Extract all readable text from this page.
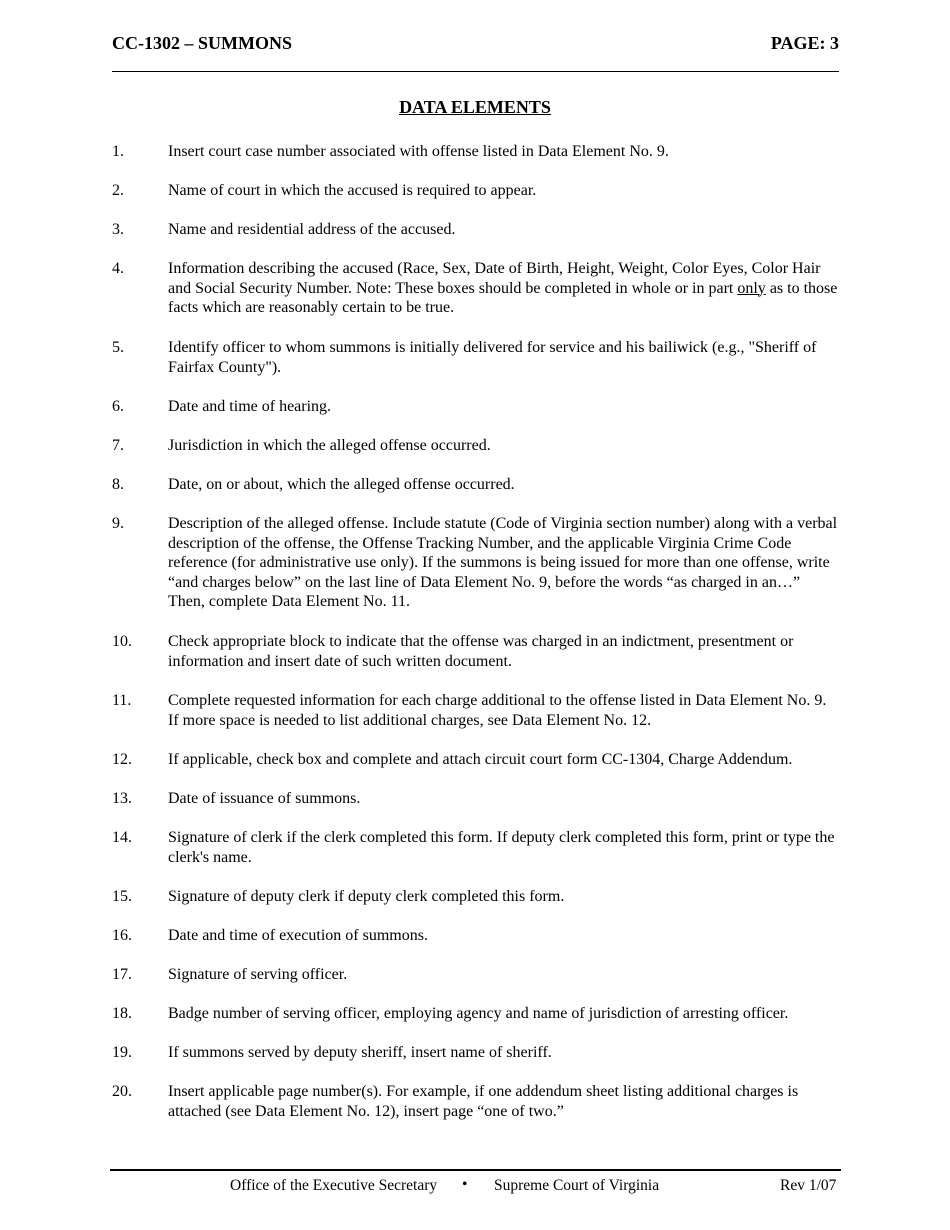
CC-1302 – SUMMONS	PAGE: 3
DATA ELEMENTS
1.	Insert court case number associated with offense listed in Data Element No. 9.
2.	Name of court in which the accused is required to appear.
3.	Name and residential address of the accused.
4.	Information describing the accused (Race, Sex, Date of Birth, Height, Weight, Color Eyes, Color Hair and Social Security Number. Note: These boxes should be completed in whole or in part only as to those facts which are reasonably certain to be true.
5.	Identify officer to whom summons is initially delivered for service and his bailiwick (e.g., "Sheriff of Fairfax County").
6.	Date and time of hearing.
7.	Jurisdiction in which the alleged offense occurred.
8.	Date, on or about, which the alleged offense occurred.
9.	Description of the alleged offense. Include statute (Code of Virginia section number) along with a verbal description of the offense, the Offense Tracking Number, and the applicable Virginia Crime Code reference (for administrative use only). If the summons is being issued for more than one offense, write “and charges below” on the last line of Data Element No. 9, before the words “as charged in an…” Then, complete Data Element No. 11.
10. Check appropriate block to indicate that the offense was charged in an indictment, presentment or information and insert date of such written document.
11. Complete requested information for each charge additional to the offense listed in Data Element No. 9. If more space is needed to list additional charges, see Data Element No. 12.
12. If applicable, check box and complete and attach circuit court form CC-1304, Charge Addendum.
13. Date of issuance of summons.
14. Signature of clerk if the clerk completed this form. If deputy clerk completed this form, print or type the clerk's name.
15. Signature of deputy clerk if deputy clerk completed this form.
16. Date and time of execution of summons.
17. Signature of serving officer.
18. Badge number of serving officer, employing agency and name of jurisdiction of arresting officer.
19. If summons served by deputy sheriff, insert name of sheriff.
20. Insert applicable page number(s). For example, if one addendum sheet listing additional charges is attached (see Data Element No. 12), insert page “one of two.”
Office of the Executive Secretary • Supreme Court of Virginia	Rev 1/07
